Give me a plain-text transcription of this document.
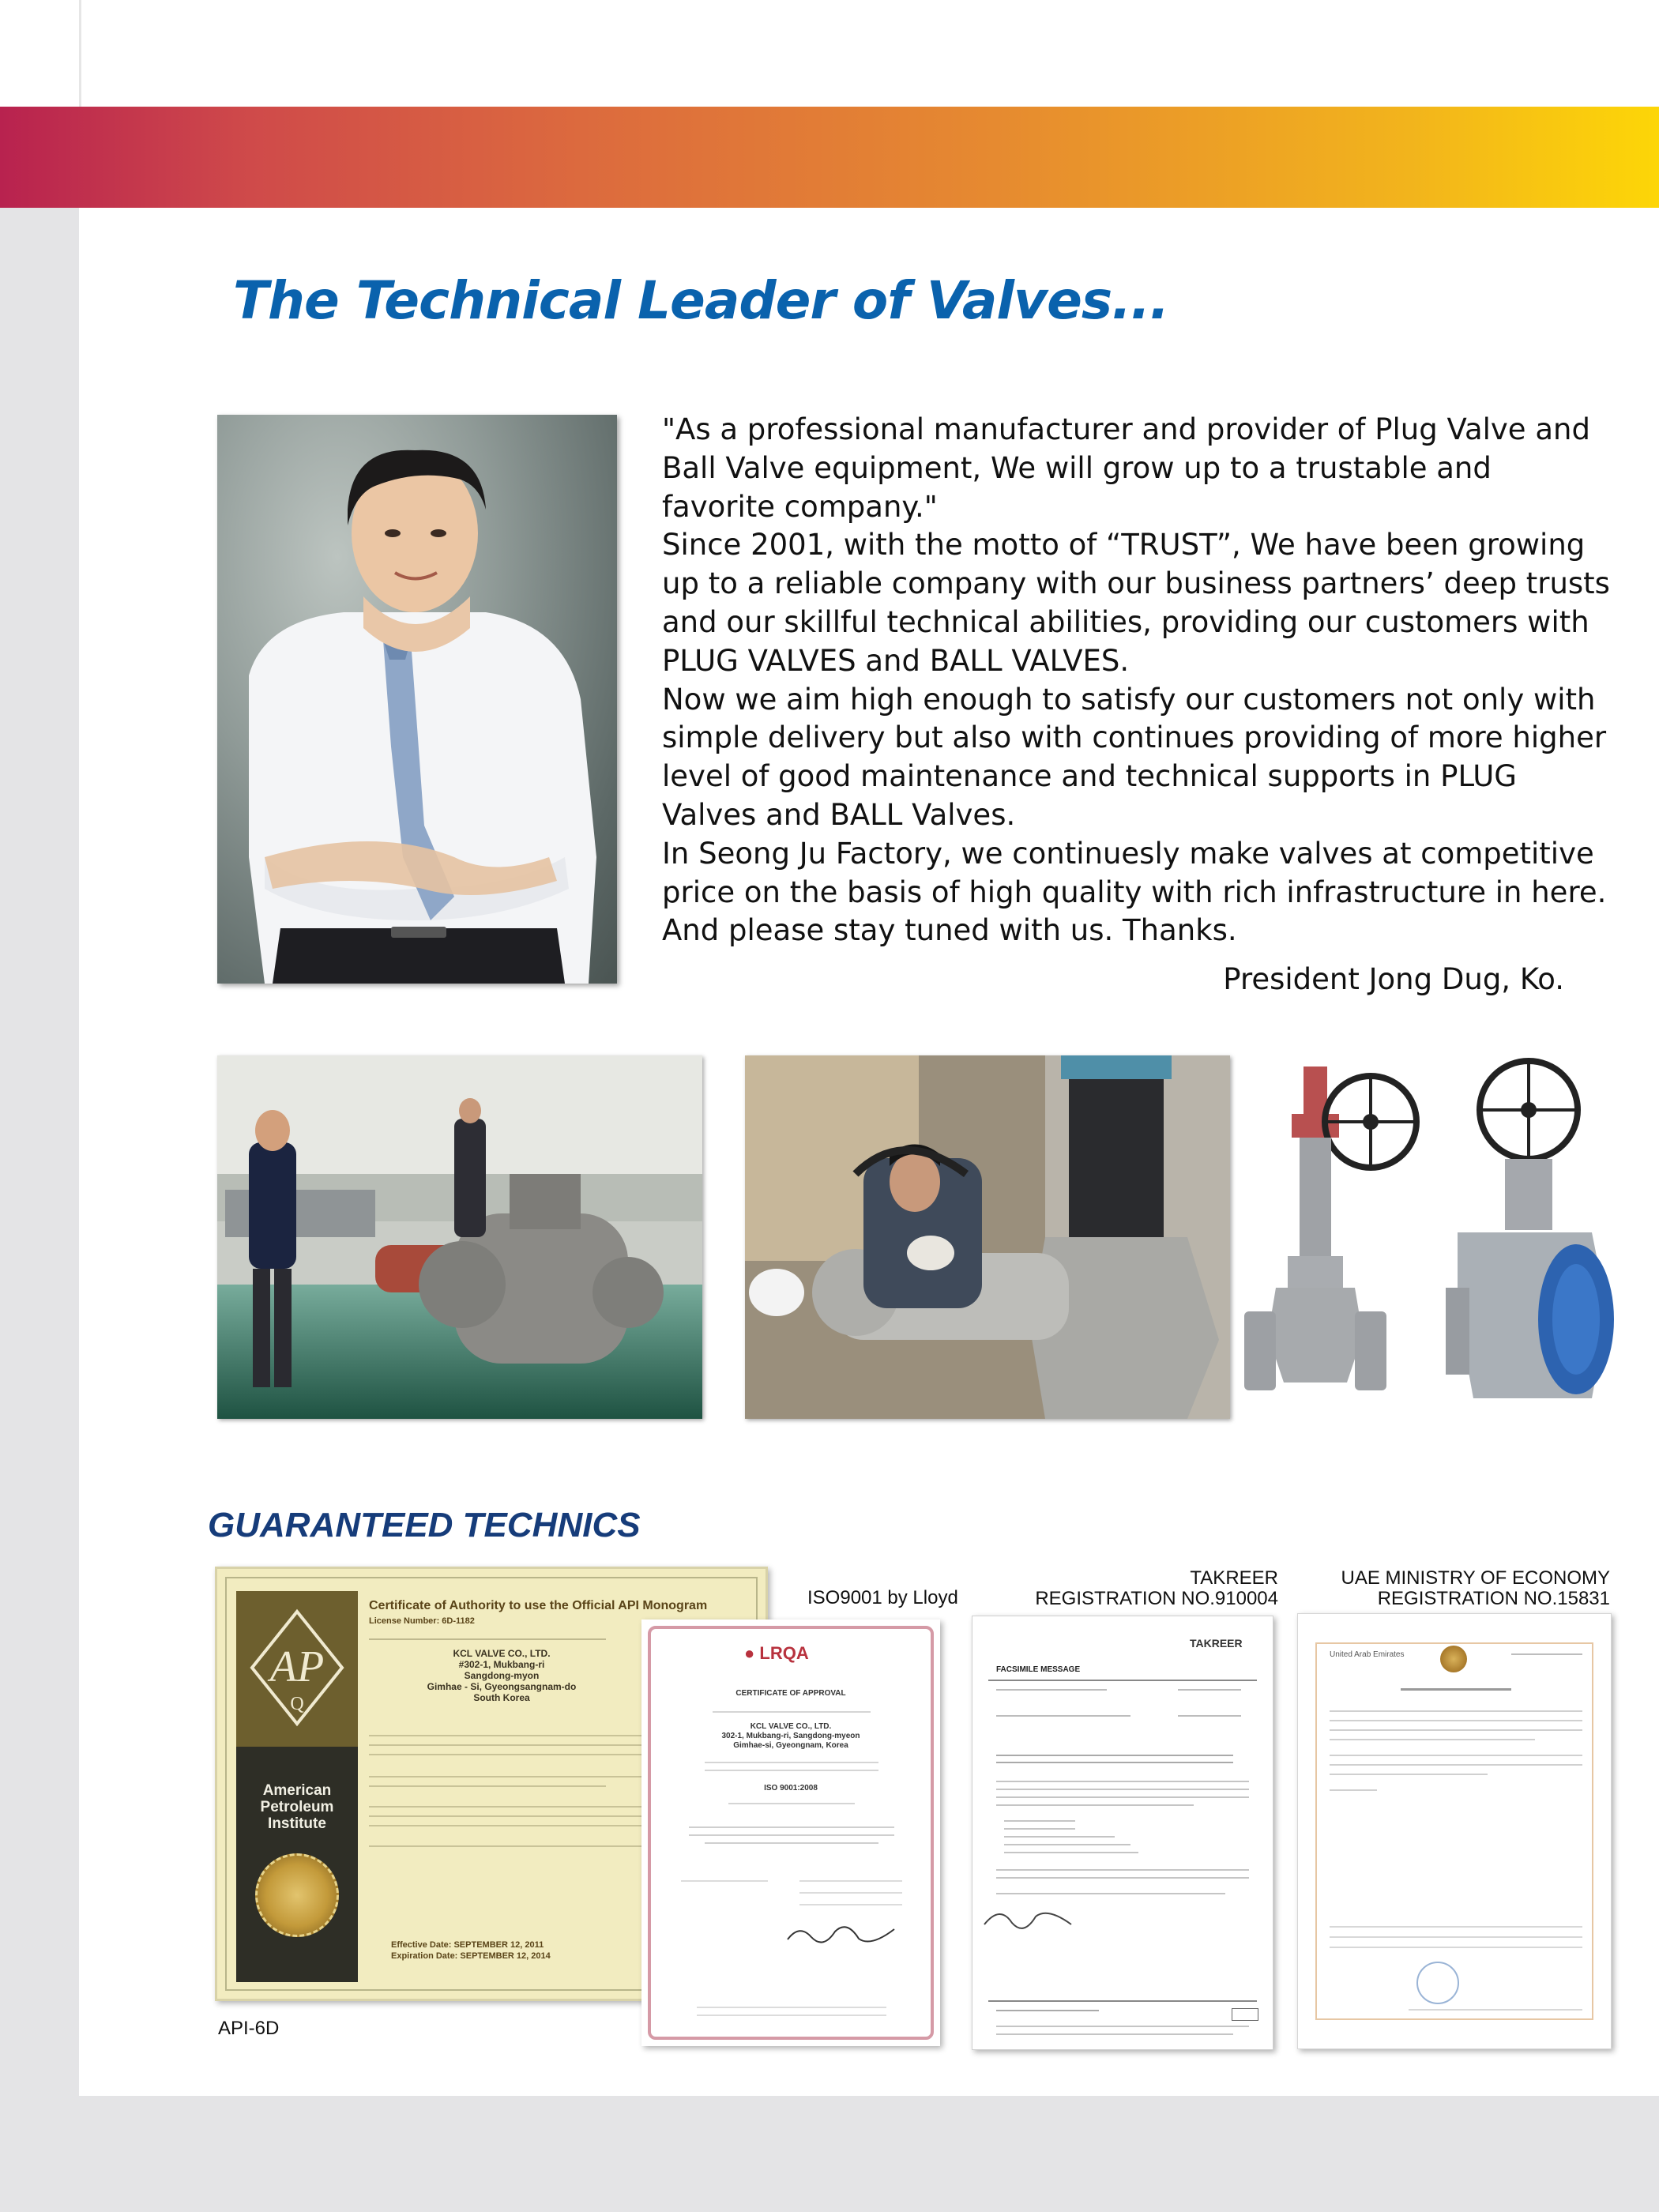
The Technical Leader of Valves...

"As a professional manufacturer and provider of Plug Valve and Ball Valve equipment, We will grow up to a trustable and favorite company."

Since 2001, with the motto of “TRUST”, We have been growing up to a reliable company with our business partners’ deep trusts and our skillful technical abilities, providing our customers with PLUG VALVES and BALL VALVES.

Now we aim high enough to satisfy our customers not only with simple delivery but also with continues providing of more higher level of good maintenance and technical supports in PLUG Valves and BALL Valves.

In Seong Ju Factory, we continuesly make valves at competitive price on the basis of high quality with rich infrastructure in here. And please stay tuned with us. Thanks.

President Jong Dug, Ko.
GUARANTEED TECHNICS
ISO9001 by Lloyd
TAKREER
REGISTRATION NO.910004
UAE MINISTRY OF ECONOMY
REGISTRATION NO.15831
API-6D
AP
Q
American
Petroleum
Institute
Certificate of Authority to use the Official API Monogram
License Number: 6D-1182
KCL VALVE CO., LTD.
#302-1, Mukbang-ri
Sangdong-myon
Gimhae - Si, Gyeongsangnam-do
South Korea
Effective Date: SEPTEMBER 12, 2011
Expiration Date: SEPTEMBER 12, 2014
● LRQA
CERTIFICATE OF APPROVAL
KCL VALVE CO., LTD.
302-1, Mukbang-ri, Sangdong-myeon
Gimhae-si, Gyeongnam, Korea
ISO 9001:2008
TAKREER
FACSIMILE MESSAGE
United Arab Emirates
